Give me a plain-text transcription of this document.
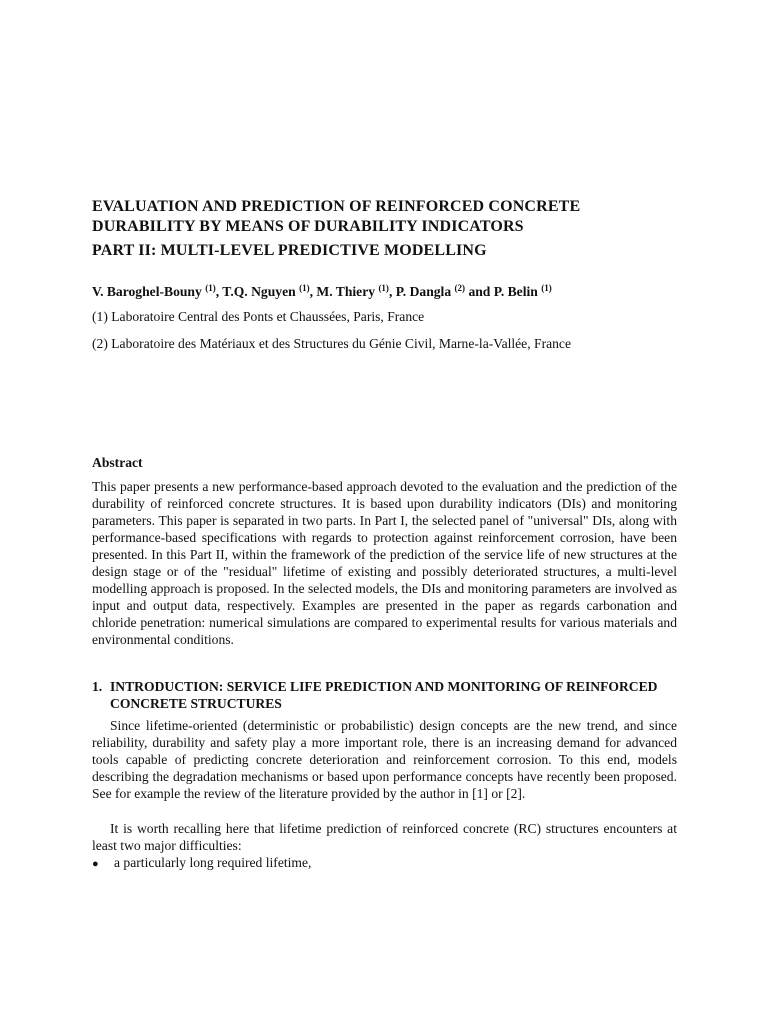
EVALUATION AND PREDICTION OF REINFORCED CONCRETE
DURABILITY BY MEANS OF DURABILITY INDICATORS
PART II: MULTI-LEVEL PREDICTIVE MODELLING
V. Baroghel-Bouny $^{(1)}$, T.Q. Nguyen $^{(1)}$, M. Thiery $^{(1)}$, P. Dangla $^{(2)}$ and P. Belin $^{(1)}$
(1) Laboratoire Central des Ponts et Chaussées, Paris, France
(2) Laboratoire des Matériaux et des Structures du Génie Civil, Marne-la-Vallée, France
Abstract
This paper presents a new performance-based approach devoted to the evaluation and the prediction of the durability of reinforced concrete structures. It is based upon durability indicators (DIs) and monitoring parameters. This paper is separated in two parts. In Part I, the selected panel of "universal" DIs, along with performance-based specifications with regards to protection against reinforcement corrosion, have been presented. In this Part II, within the framework of the prediction of the service life of new structures at the design stage or of the "residual" lifetime of existing and possibly deteriorated structures, a multi-level modelling approach is proposed. In the selected models, the DIs and monitoring parameters are involved as input and output data, respectively. Examples are presented in the paper as regards carbonation and chloride penetration: numerical simulations are compared to experimental results for various materials and environmental conditions.
1. INTRODUCTION: SERVICE LIFE PREDICTION AND MONITORING OF REINFORCED CONCRETE STRUCTURES
Since lifetime-oriented (deterministic or probabilistic) design concepts are the new trend, and since reliability, durability and safety play a more important role, there is an increasing demand for advanced tools capable of predicting concrete deterioration and reinforcement corrosion. To this end, models describing the degradation mechanisms or based upon performance concepts have recently been proposed. See for example the review of the literature provided by the author in [1] or [2].
It is worth recalling here that lifetime prediction of reinforced concrete (RC) structures encounters at least two major difficulties:
● a particularly long required lifetime,
